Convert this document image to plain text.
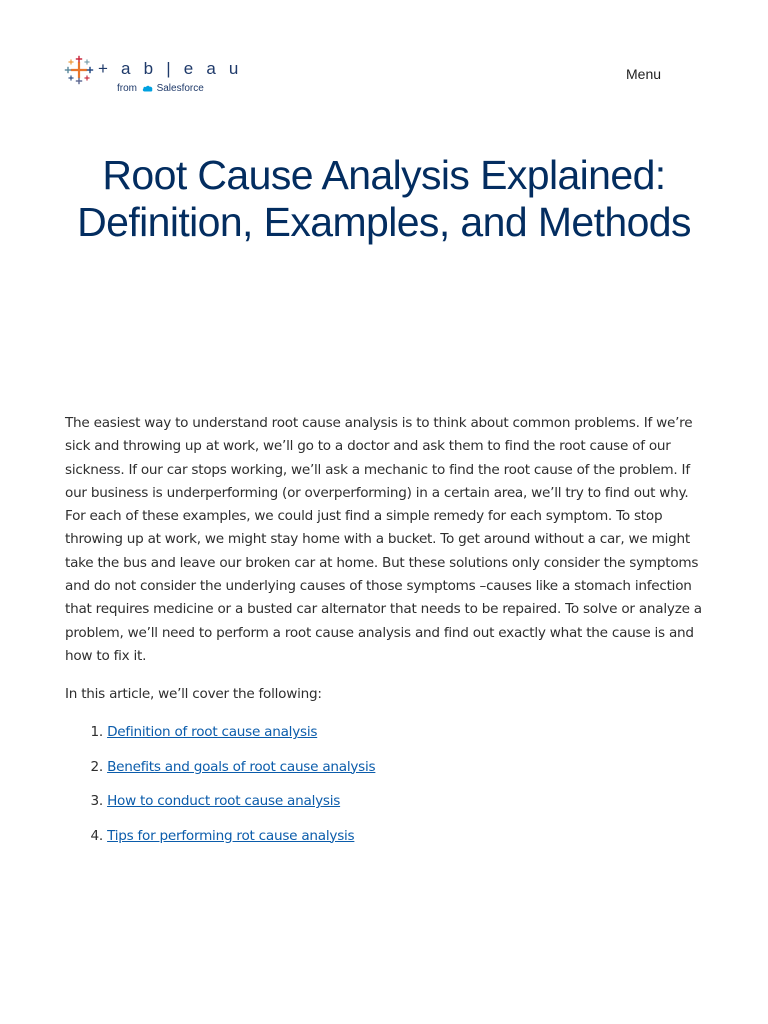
+ a b | e a u
from Salesforce
Menu
Root Cause Analysis Explained: Definition, Examples, and Methods

The easiest way to understand root cause analysis is to think about common problems. If we’re sick and throwing up at work, we’ll go to a doctor and ask them to find the root cause of our sickness. If our car stops working, we’ll ask a mechanic to find the root cause of the problem. If our business is underperforming (or overperforming) in a certain area, we’ll try to find out why. For each of these examples, we could just find a simple remedy for each symptom. To stop throwing up at work, we might stay home with a bucket. To get around without a car, we might take the bus and leave our broken car at home. But these solutions only consider the symptoms and do not consider the underlying causes of those symptoms –causes like a stomach infection that requires medicine or a busted car alternator that needs to be repaired. To solve or analyze a problem, we’ll need to perform a root cause analysis and find out exactly what the cause is and how to fix it.

In this article, we’ll cover the following:

1. Definition of root cause analysis
2. Benefits and goals of root cause analysis
3. How to conduct root cause analysis
4. Tips for performing rot cause analysis
